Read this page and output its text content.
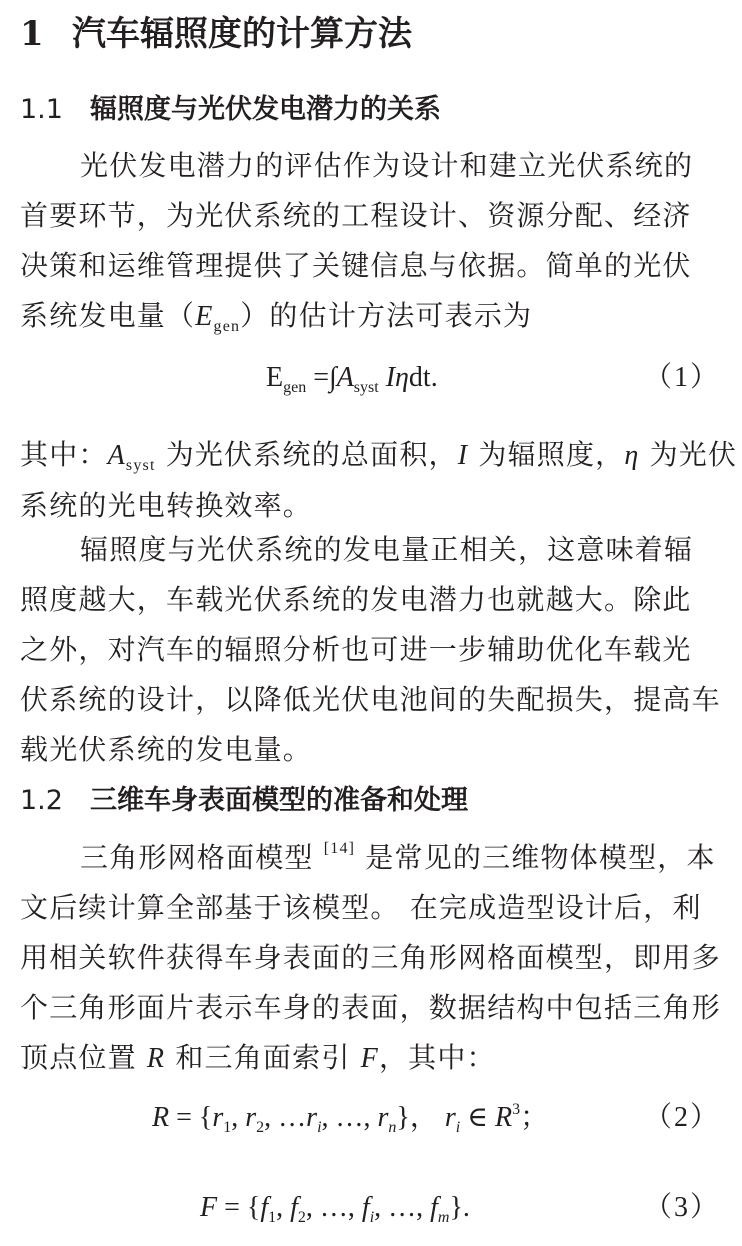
1 汽车辐照度的计算方法
1.1 辐照度与光伏发电潜力的关系
光伏发电潜力的评估作为设计和建立光伏系统的
首要环节，为光伏系统的工程设计、资源分配、经济
决策和运维管理提供了关键信息与依据。简单的光伏
系统发电量$(E_{gen})$的估计方法可表示为
$E_{gen} =\int A_{syst}$ Iηdt.	（1）
其中：$A_{syst}$ 为光伏系统的总面积，I 为辐照度，η 为光伏
系统的光电转换效率。
辐照度与光伏系统的发电量正相关，这意味着辐
照度越大，车载光伏系统的发电潜力也就越大。除此
之外，对汽车的辐照分析也可进一步辅助优化车载光
伏系统的设计，以降低光伏电池间的失配损失，提高车
载光伏系统的发电量。
1.2 三维车身表面模型的准备和处理
三角形网格面模型 [14] 是常见的三维物体模型，本
文后续计算全部基于该模型。 在完成造型设计后，利
用相关软件获得车身表面的三角形网格面模型，即用多
个三角形面片表示车身的表面，数据结构中包括三角形
顶点位置 R 和三角面索引 F，其中：
$R = \{r_1$, $r_2$, $\dots r_i$, …, $r_n$}， $r_i$ ∈ $R^3$；	（2）
$F = \{f_1$, $f_2$, …, $f_i$, …, $f_m$}.	（3）
